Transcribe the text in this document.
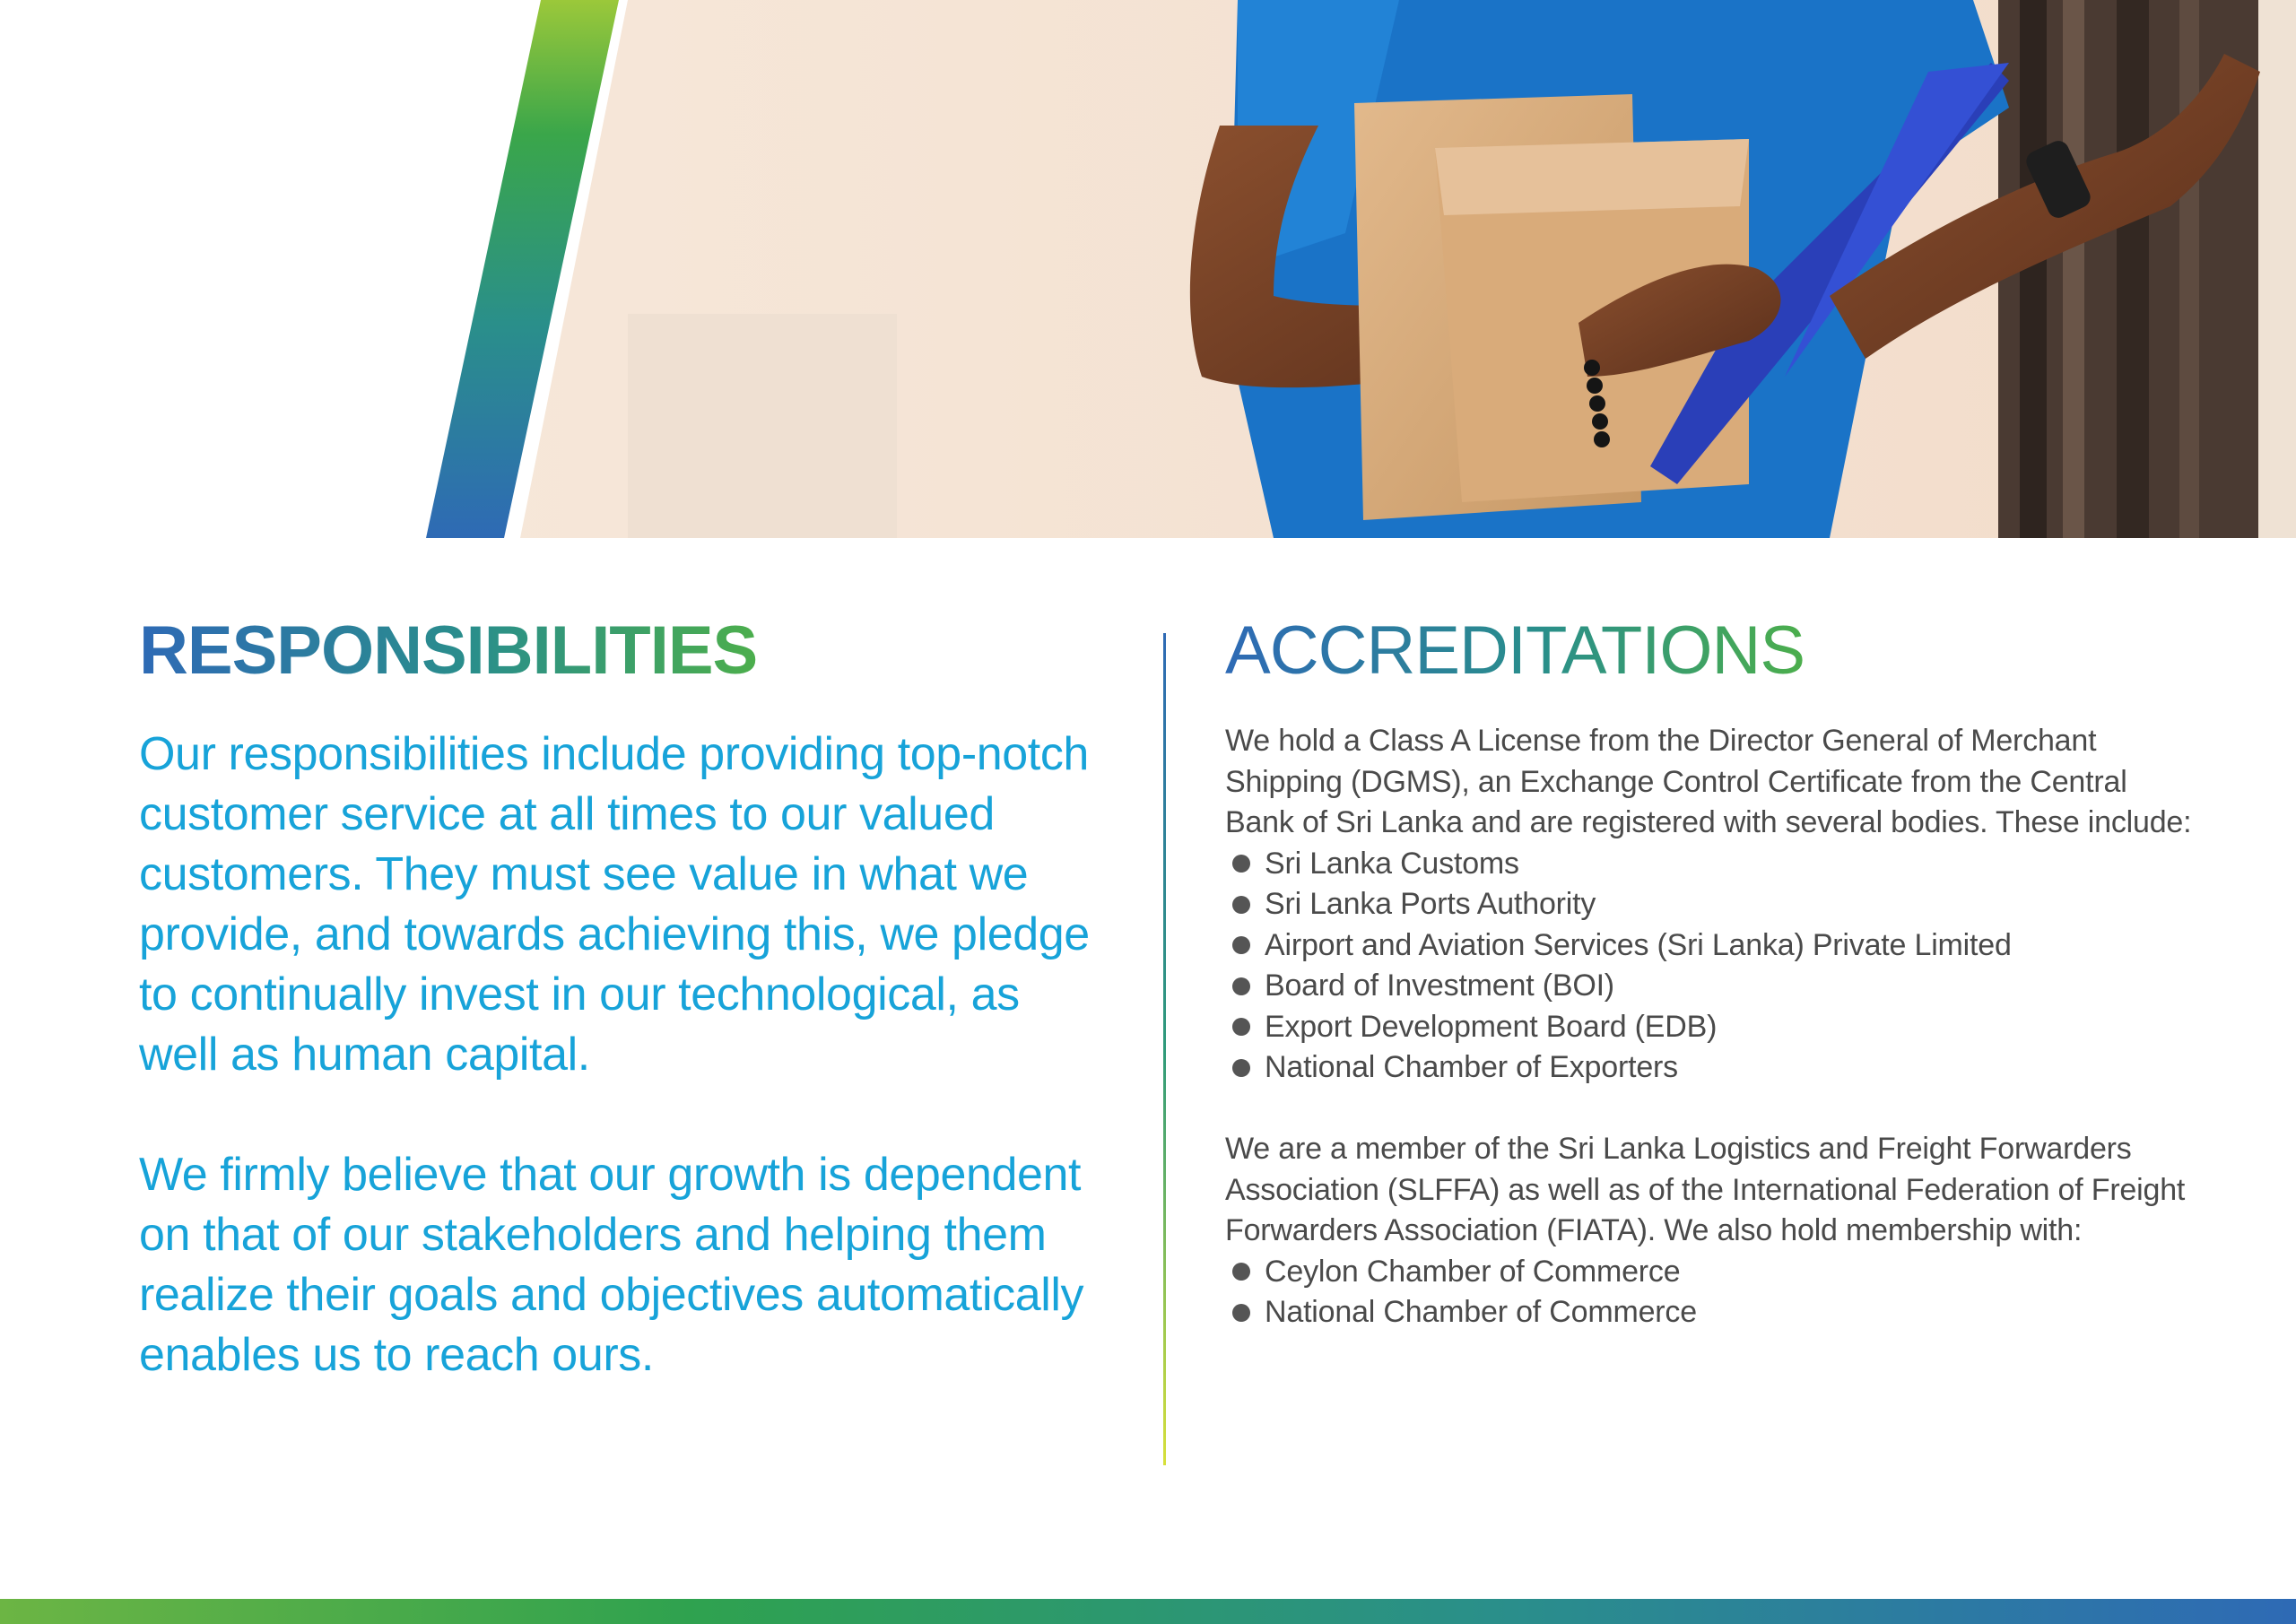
RESPONSIBILITIES

Our responsibilities include providing top-notch customer service at all times to our valued customers. They must see value in what we provide, and towards achieving this, we pledge to continually invest in our technological, as well as human capital.

We firmly believe that our growth is dependent on that of our stakeholders and helping them realize their goals and objectives automatically enables us to reach ours.

ACCREDITATIONS

We hold a Class A License from the Director General of Merchant Shipping (DGMS), an Exchange Control Certificate from the Central Bank of Sri Lanka and are registered with several bodies. These include:

Sri Lanka Customs
Sri Lanka Ports Authority
Airport and Aviation Services (Sri Lanka) Private Limited
Board of Investment (BOI)
Export Development Board (EDB)
National Chamber of Exporters

We are a member of the Sri Lanka Logistics and Freight Forwarders Association (SLFFA) as well as of the International Federation of Freight Forwarders Association (FIATA). We also hold membership with:

Ceylon Chamber of Commerce
National Chamber of Commerce
